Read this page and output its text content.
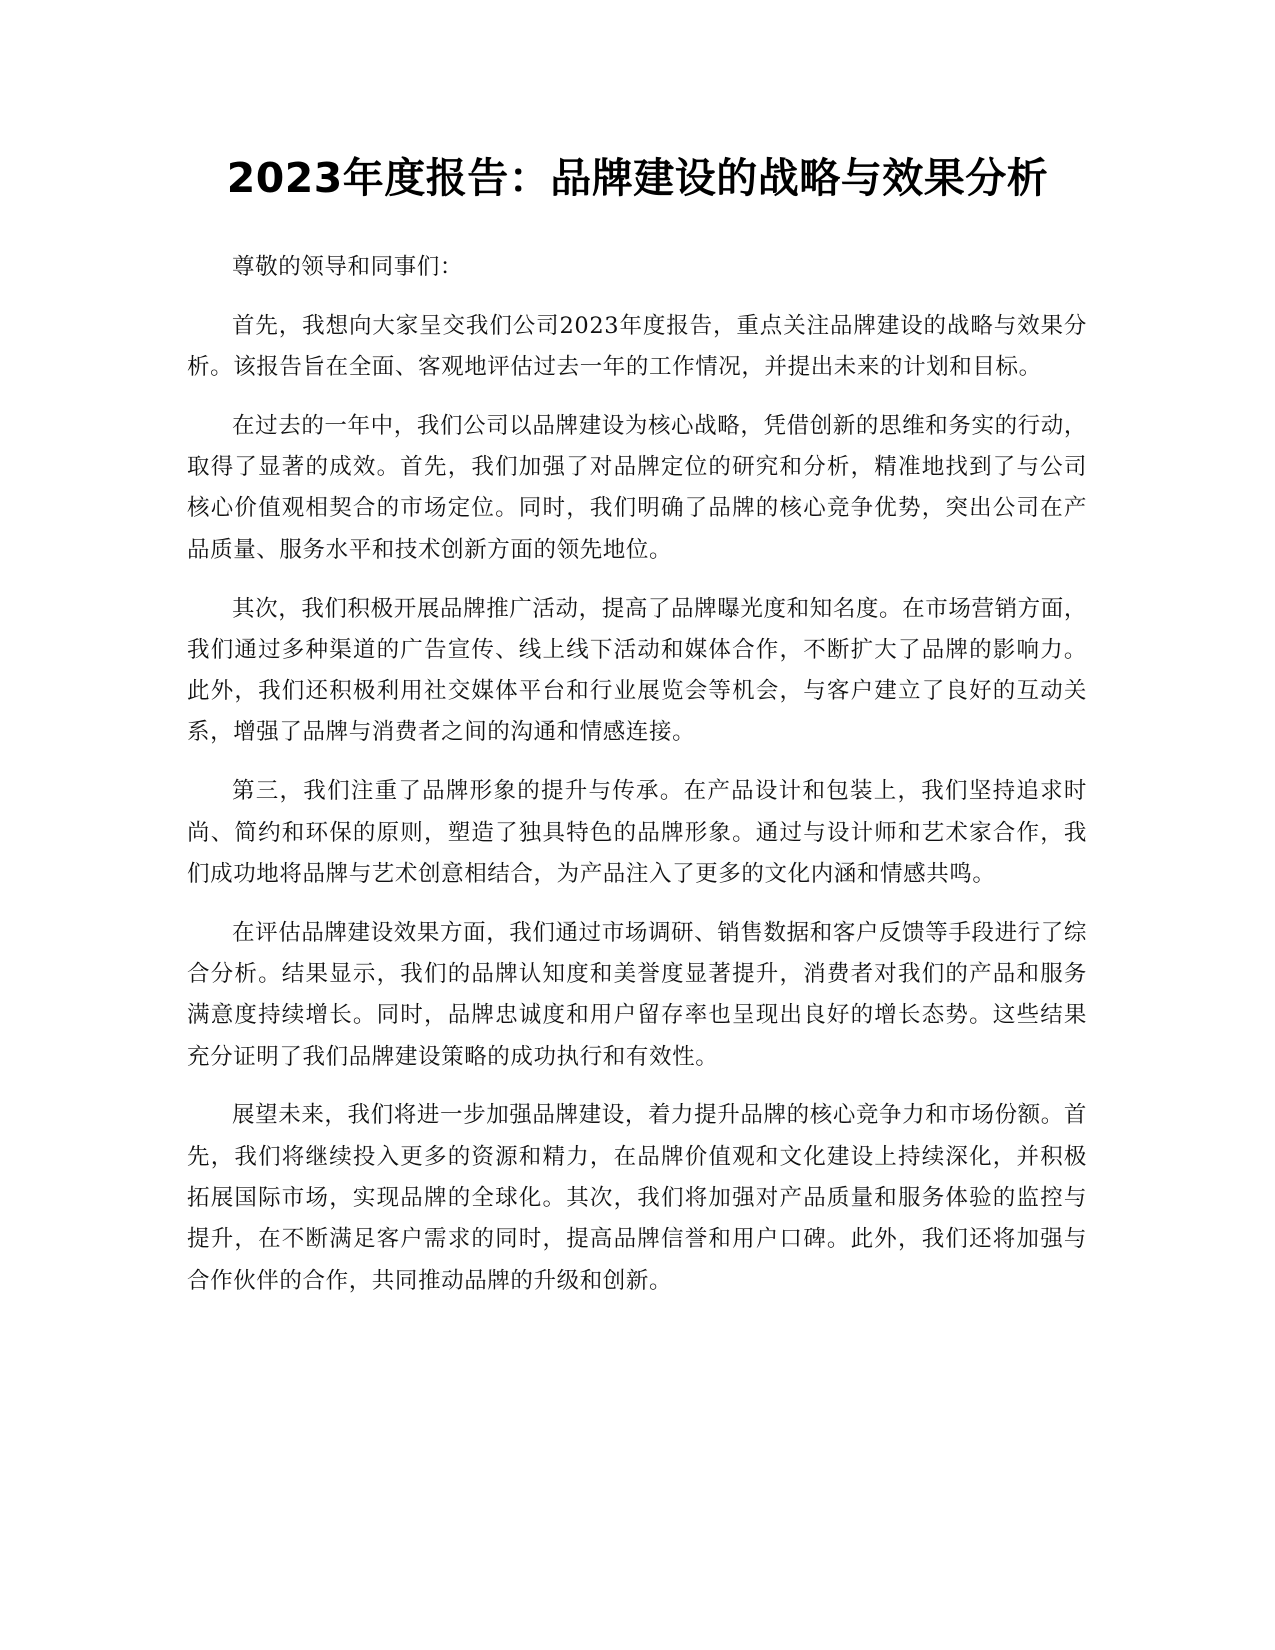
2023年度报告：品牌建设的战略与效果分析

尊敬的领导和同事们：

首先，我想向大家呈交我们公司2023年度报告，重点关注品牌建设的战略与效果分析。该报告旨在全面、客观地评估过去一年的工作情况，并提出未来的计划和目标。

在过去的一年中，我们公司以品牌建设为核心战略，凭借创新的思维和务实的行动，取得了显著的成效。首先，我们加强了对品牌定位的研究和分析，精准地找到了与公司核心价值观相契合的市场定位。同时，我们明确了品牌的核心竞争优势，突出公司在产品质量、服务水平和技术创新方面的领先地位。

其次，我们积极开展品牌推广活动，提高了品牌曝光度和知名度。在市场营销方面，我们通过多种渠道的广告宣传、线上线下活动和媒体合作，不断扩大了品牌的影响力。此外，我们还积极利用社交媒体平台和行业展览会等机会，与客户建立了良好的互动关系，增强了品牌与消费者之间的沟通和情感连接。

第三，我们注重了品牌形象的提升与传承。在产品设计和包装上，我们坚持追求时尚、简约和环保的原则，塑造了独具特色的品牌形象。通过与设计师和艺术家合作，我们成功地将品牌与艺术创意相结合，为产品注入了更多的文化内涵和情感共鸣。

在评估品牌建设效果方面，我们通过市场调研、销售数据和客户反馈等手段进行了综合分析。结果显示，我们的品牌认知度和美誉度显著提升，消费者对我们的产品和服务满意度持续增长。同时，品牌忠诚度和用户留存率也呈现出良好的增长态势。这些结果充分证明了我们品牌建设策略的成功执行和有效性。

展望未来，我们将进一步加强品牌建设，着力提升品牌的核心竞争力和市场份额。首先，我们将继续投入更多的资源和精力，在品牌价值观和文化建设上持续深化，并积极拓展国际市场，实现品牌的全球化。其次，我们将加强对产品质量和服务体验的监控与提升，在不断满足客户需求的同时，提高品牌信誉和用户口碑。此外，我们还将加强与合作伙伴的合作，共同推动品牌的升级和创新。
